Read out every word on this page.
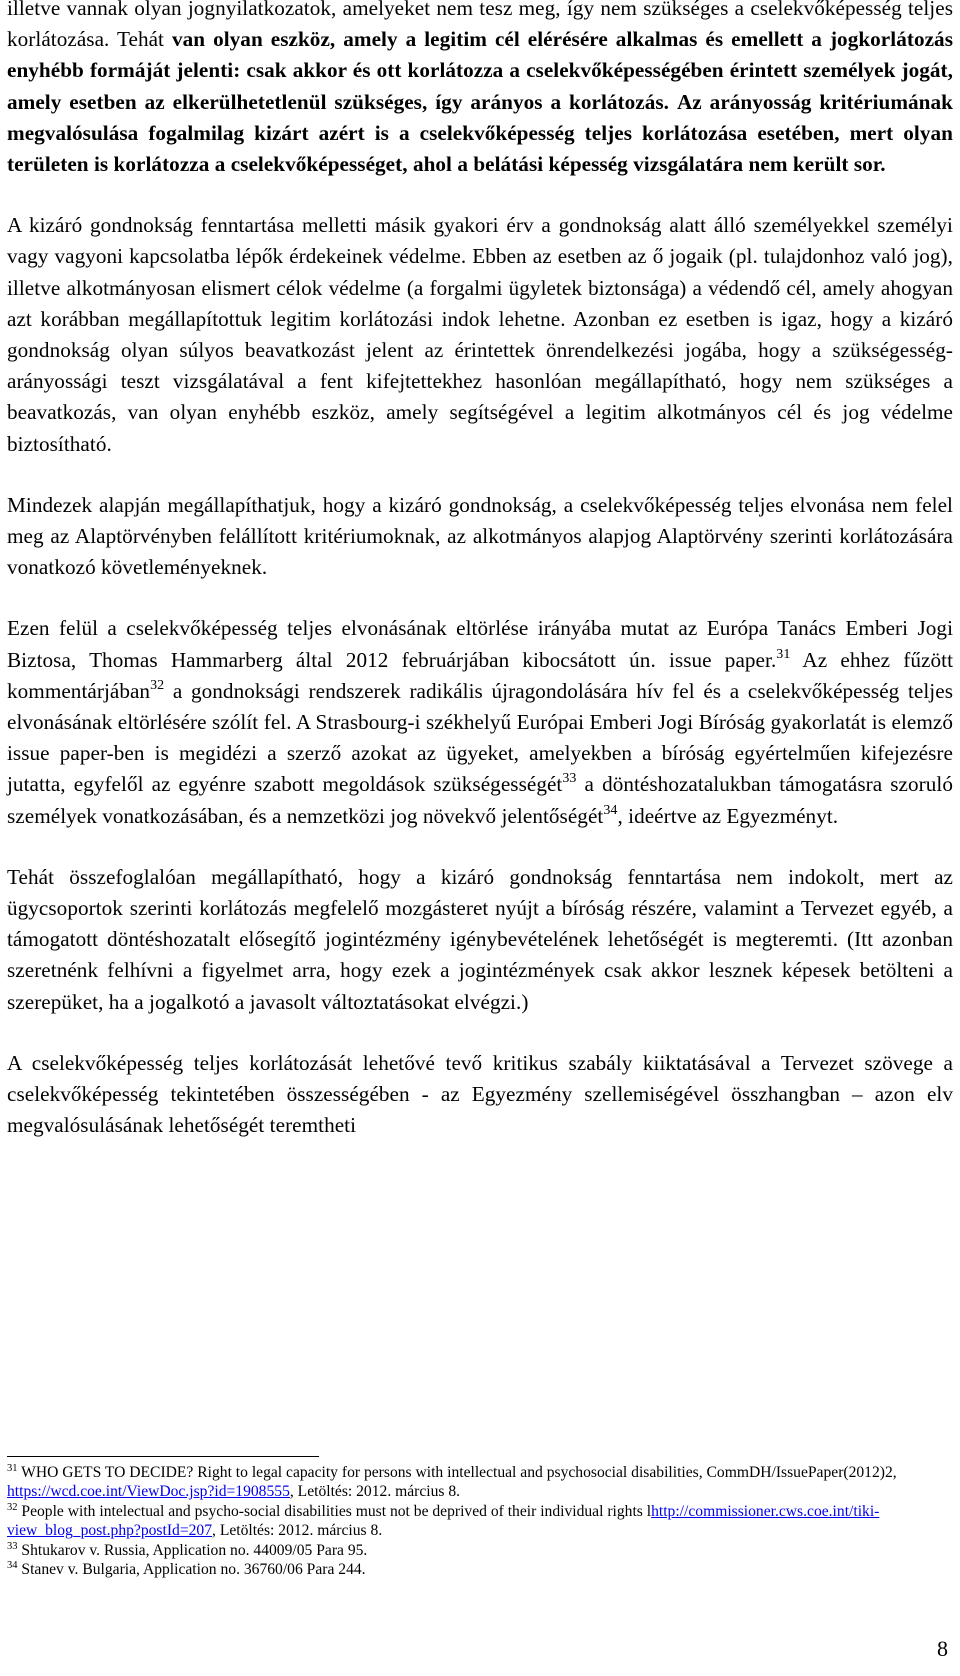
illetve vannak olyan jognyilatkozatok, amelyeket nem tesz meg, így nem szükséges a cselekvőképesség teljes korlátozása. Tehát van olyan eszköz, amely a legitim cél elérésére alkalmas és emellett a jogkorlátozás enyhébb formáját jelenti: csak akkor és ott korlátozza a cselekvőképességében érintett személyek jogát, amely esetben az elkerülhetetlenül szükséges, így arányos a korlátozás. Az arányosság kritériumának megvalósulása fogalmilag kizárt azért is a cselekvőképesség teljes korlátozása esetében, mert olyan területen is korlátozza a cselekvőképességet, ahol a belátási képesség vizsgálatára nem került sor.

A kizáró gondnokság fenntartása melletti másik gyakori érv a gondnokság alatt álló személyekkel személyi vagy vagyoni kapcsolatba lépők érdekeinek védelme. Ebben az esetben az ő jogaik (pl. tulajdonhoz való jog), illetve alkotmányosan elismert célok védelme (a forgalmi ügyletek biztonsága) a védendő cél, amely ahogyan azt korábban megállapítottuk legitim korlátozási indok lehetne. Azonban ez esetben is igaz, hogy a kizáró gondnokság olyan súlyos beavatkozást jelent az érintettek önrendelkezési jogába, hogy a szükségesség-arányossági teszt vizsgálatával a fent kifejtettekhez hasonlóan megállapítható, hogy nem szükséges a beavatkozás, van olyan enyhébb eszköz, amely segítségével a legitim alkotmányos cél és jog védelme biztosítható.

Mindezek alapján megállapíthatjuk, hogy a kizáró gondnokság, a cselekvőképesség teljes elvonása nem felel meg az Alaptörvényben felállított kritériumoknak, az alkotmányos alapjog Alaptörvény szerinti korlátozására vonatkozó követleményeknek.

Ezen felül a cselekvőképesség teljes elvonásának eltörlése irányába mutat az Európa Tanács Emberi Jogi Biztosa, Thomas Hammarberg által 2012 februárjában kibocsátott ún. issue paper.$^{31}$ Az ehhez fűzött kommentárjában$^{32}$ a gondnoksági rendszerek radikális újragondolására hív fel és a cselekvőképesség teljes elvonásának eltörlésére szólít fel. A Strasbourg-i székhelyű Európai Emberi Jogi Bíróság gyakorlatát is elemző issue paper-ben is megidézi a szerző azokat az ügyeket, amelyekben a bíróság egyértelműen kifejezésre jutatta, egyfelől az egyénre szabott megoldások szükségességét$^{33}$ a döntéshozatalukban támogatásra szoruló személyek vonatkozásában, és a nemzetközi jog növekvő jelentőségét$^{34}$, ideértve az Egyezményt.

Tehát összefoglalóan megállapítható, hogy a kizáró gondnokság fenntartása nem indokolt, mert az ügycsoportok szerinti korlátozás megfelelő mozgásteret nyújt a bíróság részére, valamint a Tervezet egyéb, a támogatott döntéshozatalt elősegítő jogintézmény igénybevételének lehetőségét is megteremti. (Itt azonban szeretnénk felhívni a figyelmet arra, hogy ezek a jogintézmények csak akkor lesznek képesek betölteni a szerepüket, ha a jogalkotó a javasolt változtatásokat elvégzi.)

A cselekvőképesség teljes korlátozását lehetővé tevő kritikus szabály kiiktatásával a Tervezet szövege a cselekvőképesség tekintetében összességében - az Egyezmény szellemiségével összhangban – azon elv megvalósulásának lehetőségét teremtheti

$^{31}$ WHO GETS TO DECIDE? Right to legal capacity for persons with intellectual and psychosocial disabilities, CommDH/IssuePaper(2012)2, https://wcd.coe.int/ViewDoc.jsp?id=1908555, Letöltés: 2012. március 8.

$^{32}$ People with intelectual and psycho-social disabilities must not be deprived of their individual rights lhttp://commissioner.cws.coe.int/tiki-view_blog_post.php?postId=207, Letöltés: 2012. március 8.

$^{33}$ Shtukarov v. Russia, Application no. 44009/05 Para 95.

$^{34}$ Stanev v. Bulgaria, Application no. 36760/06 Para 244.

8
